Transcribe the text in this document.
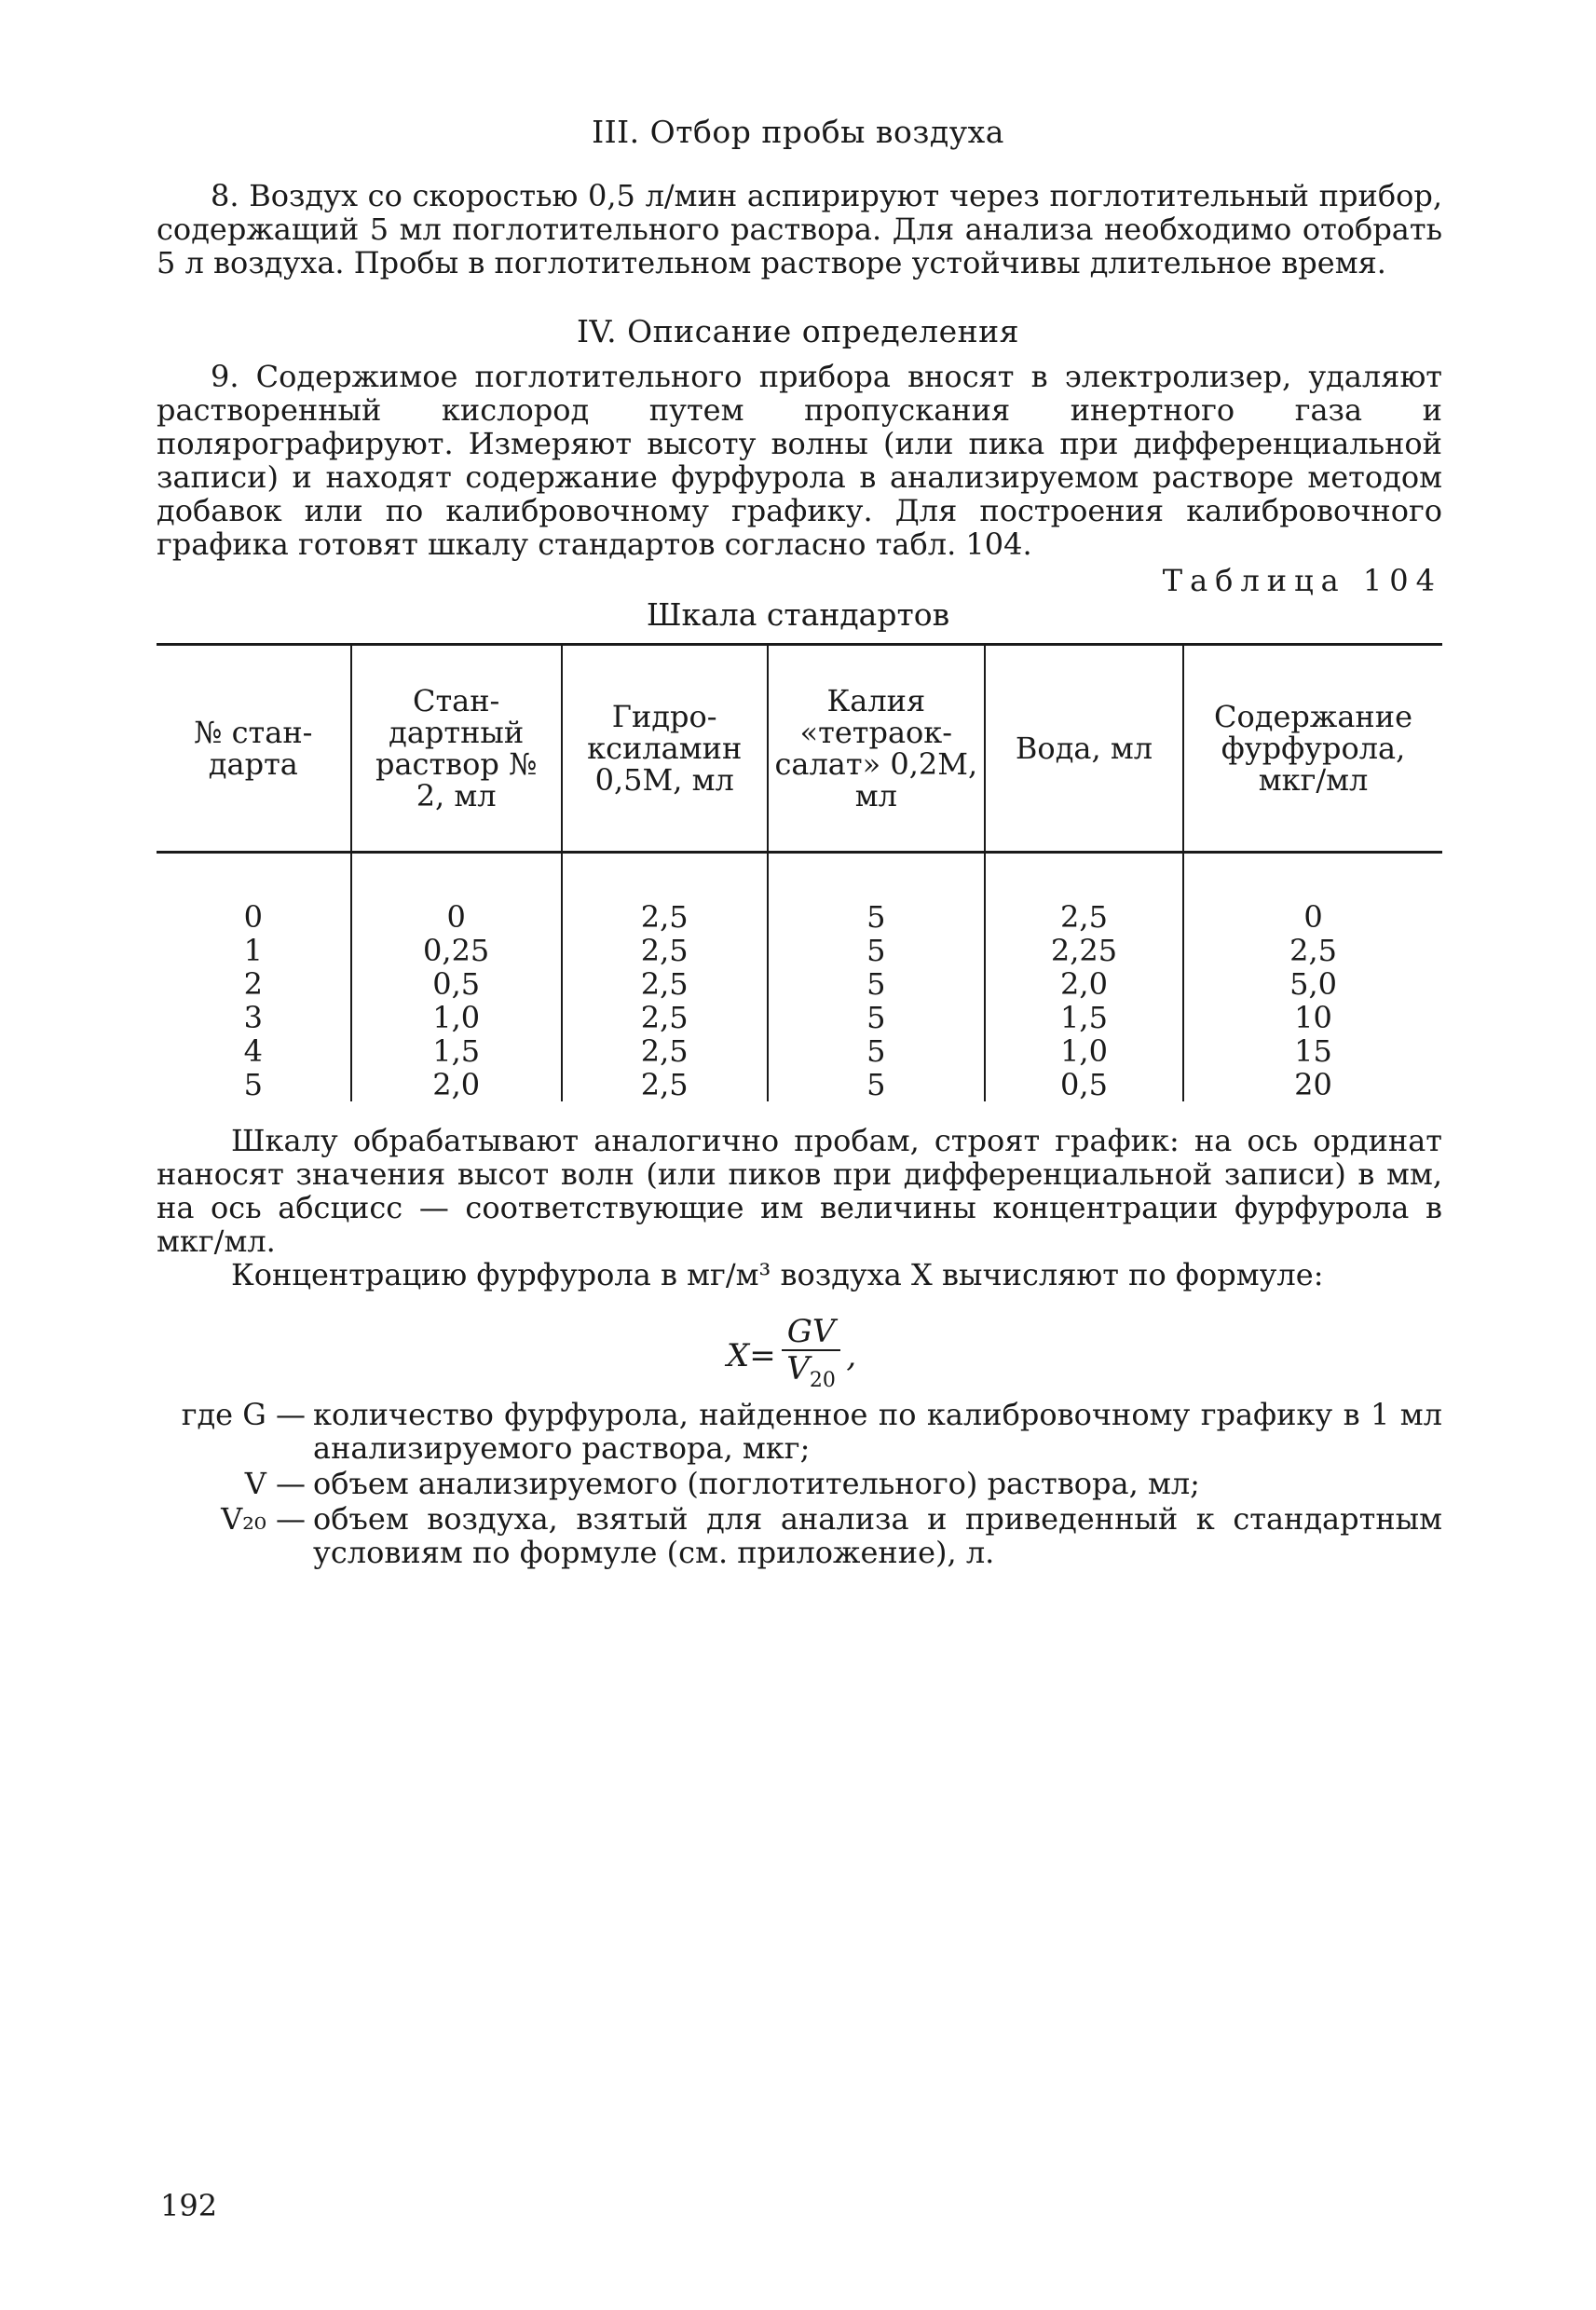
III. Отбор пробы воздуха
8. Воздух со скоростью 0,5 л/мин аспирируют через поглотительный прибор, содержащий 5 мл поглотительного раствора. Для анализа необходимо отобрать 5 л воздуха. Пробы в поглотительном растворе устойчивы длительное время.
IV. Описание определения
9. Содержимое поглотительного прибора вносят в электролизер, удаляют растворенный кислород путем пропускания инертного газа и полярографируют. Измеряют высоту волны (или пика при дифференциальной записи) и находят содержание фурфурола в анализируемом растворе методом добавок или по калибровочному графику. Для построения калибровочного графика готовят шкалу стандартов согласно табл. 104.
Таблица 104
Шкала стандартов
№ стан-дарта	Стан-дартный раствор № 2, мл	Гидро-ксиламин 0,5М, мл	Калия «тетраок-салат» 0,2М, мл	Вода, мл	Содержание фурфурола, мкг/мл

0	0	2,5	5	2,5	0
1	0,25	2,5	5	2,25	2,5
2	0,5	2,5	5	2,0	5,0
3	1,0	2,5	5	1,5	10
4	1,5	2,5	5	1,0	15
5	2,0	2,5	5	0,5	20
Шкалу обрабатывают аналогично пробам, строят график: на ось ординат наносят значения высот волн (или пиков при дифференциальной записи) в мм, на ось абсцисс — соответствующие им величины концентрации фурфурола в мкг/мл.
Концентрацию фурфурола в мг/м³ воздуха X вычисляют по формуле:
$X= \frac{GV}{V_{20}}$ ,
где G — количество фурфурола, найденное по калибровочному графику в 1 мл анализируемого раствора, мкг;
V — объем анализируемого (поглотительного) раствора, мл;
V₂₀ — объем воздуха, взятый для анализа и приведенный к стандартным условиям по формуле (см. приложение), л.
192
